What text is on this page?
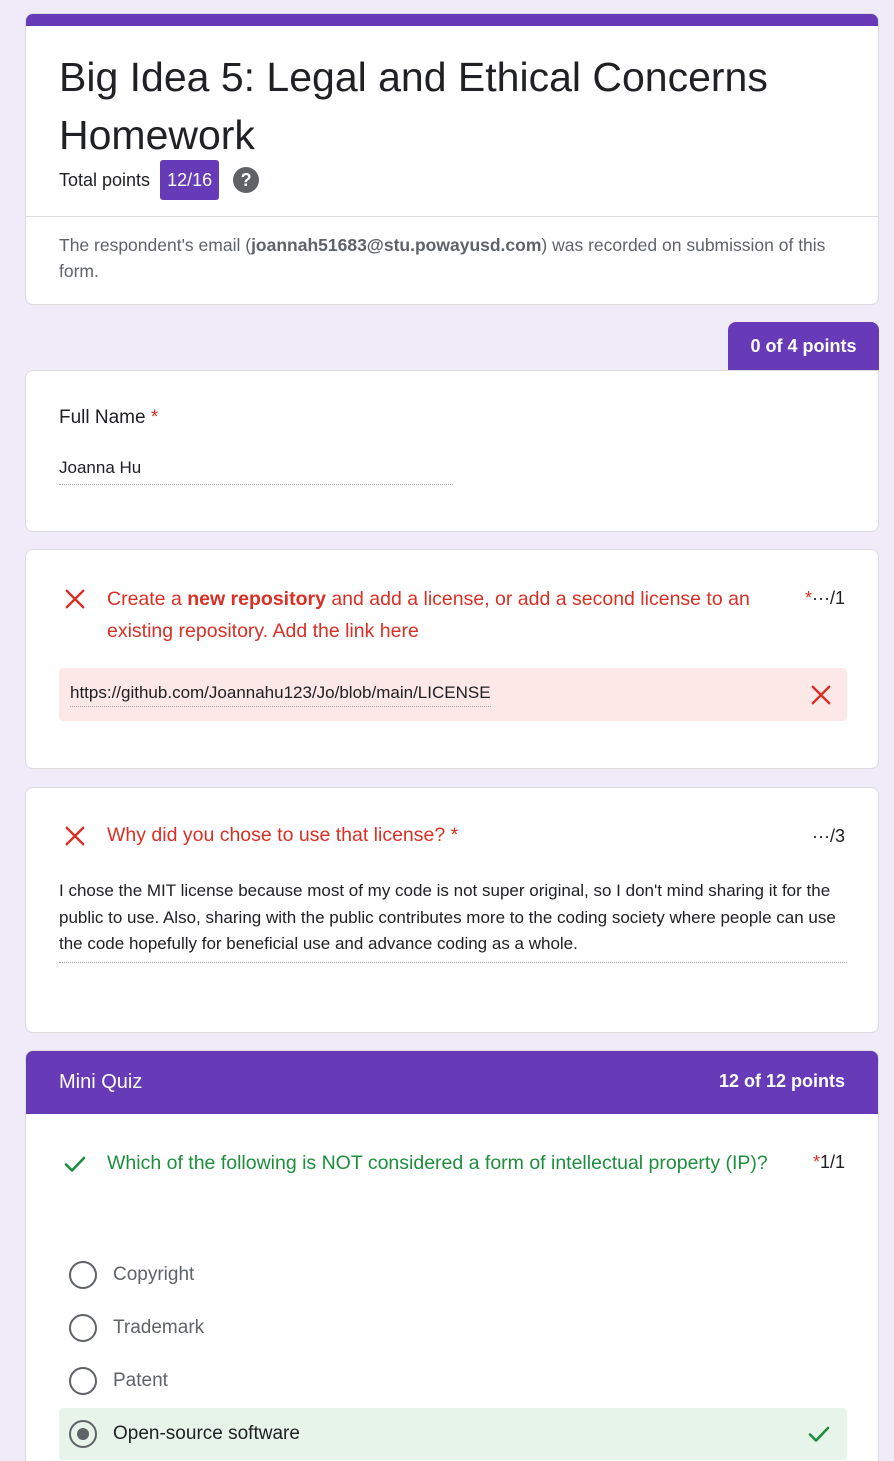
Big Idea 5: Legal and Ethical Concerns Homework
Total points 12/16	?
The respondent's email (joannah51683@stu.powayusd.com) was recorded on submission of this form.
0 of 4 points
Full Name *
Joanna Hu
Create a new repository and add a license, or add a second license to an existing repository. Add the link here
*···/1
https://github.com/Joannahu123/Jo/blob/main/LICENSE
Why did you chose to use that license? *	···/3
I chose the MIT license because most of my code is not super original, so I don't mind sharing it for the public to use. Also, sharing with the public contributes more to the coding society where people can use the code hopefully for beneficial use and advance coding as a whole.
Mini Quiz	12 of 12 points
Which of the following is NOT considered a form of intellectual property (IP)?	*1/1
Copyright
Trademark
Patent
Open-source software
